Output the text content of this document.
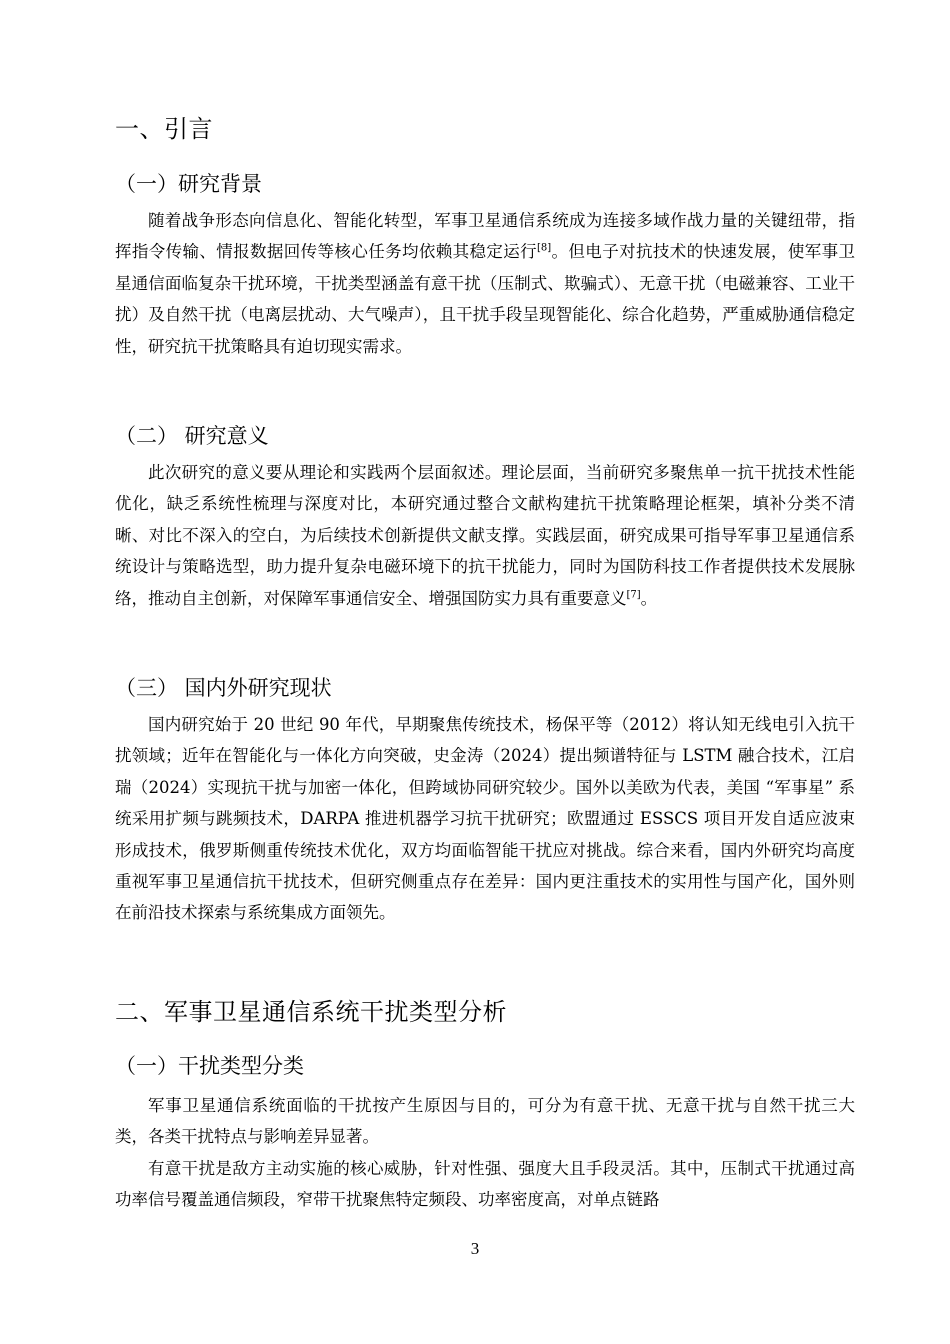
一、引言
（一）研究背景
随着战争形态向信息化、智能化转型，军事卫星通信系统成为连接多域作战力量的关键纽带，指挥指令传输、情报数据回传等核心任务均依赖其稳定运行[8]。但电子对抗技术的快速发展，使军事卫星通信面临复杂干扰环境，干扰类型涵盖有意干扰（压制式、欺骗式）、无意干扰（电磁兼容、工业干扰）及自然干扰（电离层扰动、大气噪声），且干扰手段呈现智能化、综合化趋势，严重威胁通信稳定性，研究抗干扰策略具有迫切现实需求。
（二） 研究意义
此次研究的意义要从理论和实践两个层面叙述。理论层面，当前研究多聚焦单一抗干扰技术性能优化，缺乏系统性梳理与深度对比，本研究通过整合文献构建抗干扰策略理论框架，填补分类不清晰、对比不深入的空白，为后续技术创新提供文献支撑。实践层面，研究成果可指导军事卫星通信系统设计与策略选型，助力提升复杂电磁环境下的抗干扰能力，同时为国防科技工作者提供技术发展脉络，推动自主创新，对保障军事通信安全、增强国防实力具有重要意义[7]。
（三） 国内外研究现状
国内研究始于 20 世纪 90 年代，早期聚焦传统技术，杨保平等（2012）将认知无线电引入抗干扰领域；近年在智能化与一体化方向突破，史金涛（2024）提出频谱特征与 LSTM 融合技术，江启瑞（2024）实现抗干扰与加密一体化，但跨域协同研究较少。国外以美欧为代表，美国 “军事星” 系统采用扩频与跳频技术，DARPA 推进机器学习抗干扰研究；欧盟通过 ESSCS 项目开发自适应波束形成技术，俄罗斯侧重传统技术优化，双方均面临智能干扰应对挑战。综合来看，国内外研究均高度重视军事卫星通信抗干扰技术，但研究侧重点存在差异：国内更注重技术的实用性与国产化，国外则在前沿技术探索与系统集成方面领先。
二、军事卫星通信系统干扰类型分析
（一）干扰类型分类
军事卫星通信系统面临的干扰按产生原因与目的，可分为有意干扰、无意干扰与自然干扰三大类，各类干扰特点与影响差异显著。
有意干扰是敌方主动实施的核心威胁，针对性强、强度大且手段灵活。其中，压制式干扰通过高功率信号覆盖通信频段，窄带干扰聚焦特定频段、功率密度高，对单点链路
3
